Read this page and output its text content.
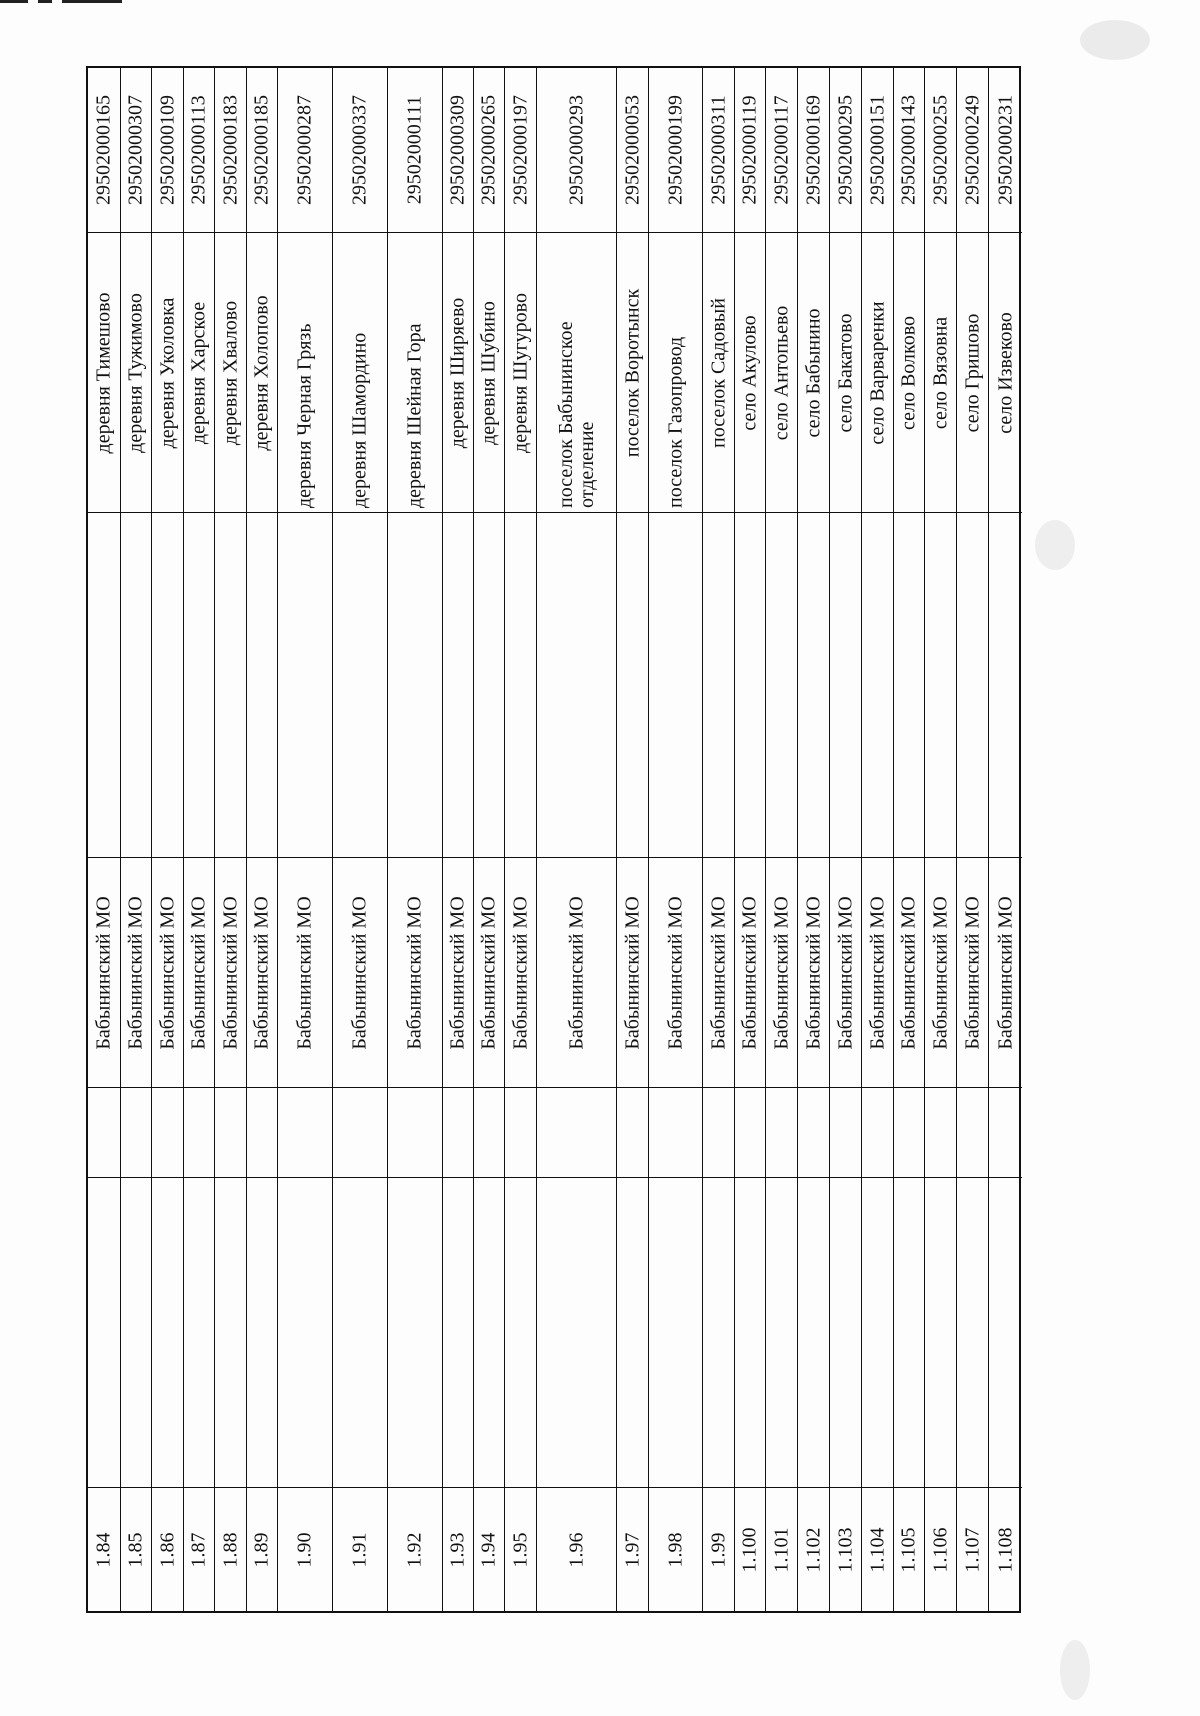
29502000165
деревня Тимешово
Бабынинский МО
1.84
29502000307
деревня Тужимово
Бабынинский МО
1.85
29502000109
деревня Уколовка
Бабынинский МО
1.86
29502000113
деревня Харское
Бабынинский МО
1.87
29502000183
деревня Хвалово
Бабынинский МО
1.88
29502000185
деревня Холопово
Бабынинский МО
1.89
29502000287
деревня Черная Грязь
Бабынинский МО
1.90
29502000337
деревня Шамордино
Бабынинский МО
1.91
29502000111
деревня Шейная Гора
Бабынинский МО
1.92
29502000309
деревня Ширяево
Бабынинский МО
1.93
29502000265
деревня Шубино
Бабынинский МО
1.94
29502000197
деревня Шугурово
Бабынинский МО
1.95
29502000293
поселок Бабынинское отделение
Бабынинский МО
1.96
29502000053
поселок Воротынск
Бабынинский МО
1.97
29502000199
поселок Газопровод
Бабынинский МО
1.98
29502000311
поселок Садовый
Бабынинский МО
1.99
29502000119
село Акулово
Бабынинский МО
1.100
29502000117
село Антопьево
Бабынинский МО
1.101
29502000169
село Бабынино
Бабынинский МО
1.102
29502000295
село Бакатово
Бабынинский МО
1.103
29502000151
село Варваренки
Бабынинский МО
1.104
29502000143
село Волково
Бабынинский МО
1.105
29502000255
село Вязовна
Бабынинский МО
1.106
29502000249
село Гришово
Бабынинский МО
1.107
29502000231
село Извеково
Бабынинский МО
1.108
